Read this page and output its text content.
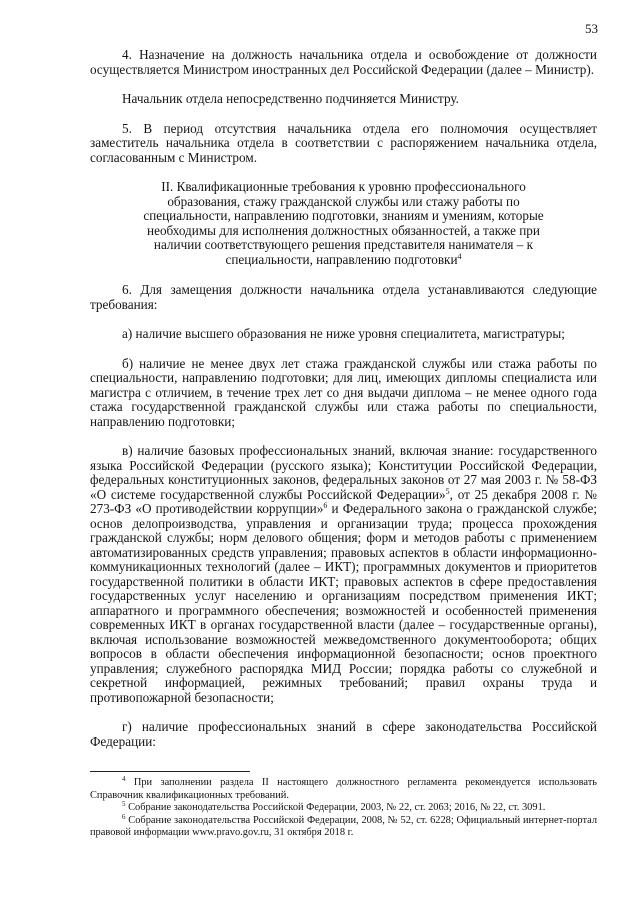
53

4. Назначение на должность начальника отдела и освобождение от должности осуществляется Министром иностранных дел Российской Федерации (далее – Министр).

Начальник отдела непосредственно подчиняется Министру.

5. В период отсутствия начальника отдела его полномочия осуществляет заместитель начальника отдела в соответствии с распоряжением начальника отдела, согласованным с Министром.

II. Квалификационные требования к уровню профессионального образования, стажу гражданской службы или стажу работы по специальности, направлению подготовки, знаниям и умениям, которые необходимы для исполнения должностных обязанностей, а также при наличии соответствующего решения представителя нанимателя – к специальности, направлению подготовки$^4$

6. Для замещения должности начальника отдела устанавливаются следующие требования:

а) наличие высшего образования не ниже уровня специалитета, магистратуры;

б) наличие не менее двух лет стажа гражданской службы или стажа работы по специальности, направлению подготовки; для лиц, имеющих дипломы специалиста или магистра с отличием, в течение трех лет со дня выдачи диплома – не менее одного года стажа государственной гражданской службы или стажа работы по специальности, направлению подготовки;

в) наличие базовых профессиональных знаний, включая знание: государственного языка Российской Федерации (русского языка); Конституции Российской Федерации, федеральных конституционных законов, федеральных законов от 27 мая 2003 г. № 58-ФЗ «О системе государственной службы Российской Федерации»$^5$, от 25 декабря 2008 г. № 273-ФЗ «О противодействии коррупции»$^6$ и Федерального закона о гражданской службе; основ делопроизводства, управления и организации труда; процесса прохождения гражданской службы; норм делового общения; форм и методов работы с применением автоматизированных средств управления; правовых аспектов в области информационно-коммуникационных технологий (далее – ИКТ); программных документов и приоритетов государственной политики в области ИКТ; правовых аспектов в сфере предоставления государственных услуг населению и организациям посредством применения ИКТ; аппаратного и программного обеспечения; возможностей и особенностей применения современных ИКТ в органах государственной власти (далее – государственные органы), включая использование возможностей межведомственного документооборота; общих вопросов в области обеспечения информационной безопасности; основ проектного управления; служебного распорядка МИД России; порядка работы со служебной и секретной информацией, режимных требований; правил охраны труда и противопожарной безопасности;

г) наличие профессиональных знаний в сфере законодательства Российской Федерации:

$^4$ При заполнении раздела II настоящего должностного регламента рекомендуется использовать Справочник квалификационных требований.

$^5$ Собрание законодательства Российской Федерации, 2003, № 22, ст. 2063; 2016, № 22, ст. 3091.

$^6$ Собрание законодательства Российской Федерации, 2008, № 52, ст. 6228; Официальный интернет-портал правовой информации www.pravo.gov.ru, 31 октября 2018 г.
